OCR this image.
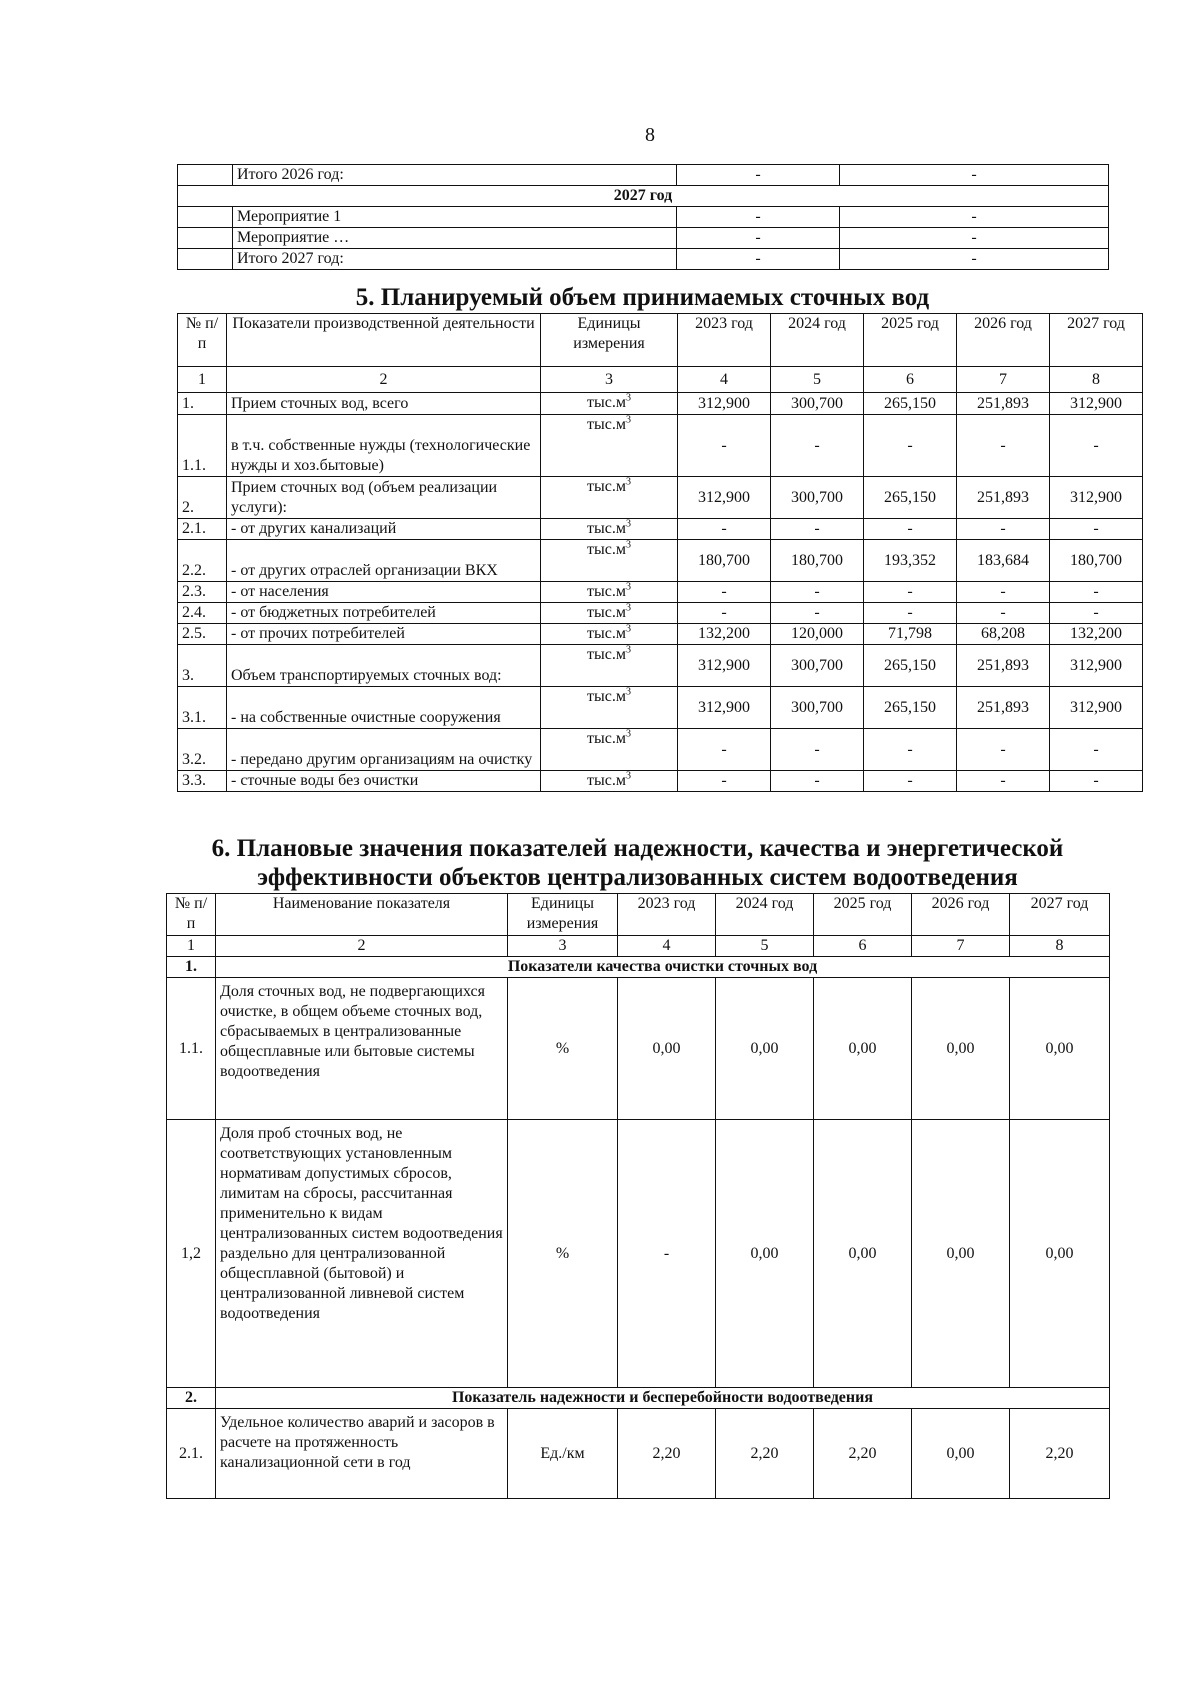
8
	Итого 2026 год:	-	-
2027 год			
	Мероприятие 1	-	-
	Мероприятие …	-	-
	Итого 2027 год:	-	-
5. Планируемый объем принимаемых сточных вод
№ п/п	Показатели производственной деятельности	Единицы измерения	2023 год	2024 год	2025 год	2026 год	2027 год
1	2	3	4	5	6	7	8
1.	Прием сточных вод, всего	$тыс.м^3$	312,900	300,700	265,150	251,893	312,900
1.1.	в т.ч. собственные нужды (технологические нужды и хоз.бытовые)	$тыс.м^3$	-	-	-	-	-
2.	Прием сточных вод (объем реализации услуги):	$тыс.м^3$	312,900	300,700	265,150	251,893	312,900
2.1.	- от других канализаций	$тыс.м^3$	-	-	-	-	-
2.2.	- от других отраслей организации ВКХ	$тыс.м^3$	180,700	180,700	193,352	183,684	180,700
2.3.	- от населения	$тыс.м^3$	-	-	-	-	-
2.4.	- от бюджетных потребителей	$тыс.м^3$	-	-	-	-	-
2.5.	- от прочих потребителей	$тыс.м^3$	132,200	120,000	71,798	68,208	132,200
3.	Объем транспортируемых сточных вод:	$тыс.м^3$	312,900	300,700	265,150	251,893	312,900
3.1.	- на собственные очистные сооружения	$тыс.м^3$	312,900	300,700	265,150	251,893	312,900
3.2.	- передано другим организациям на очистку	$тыс.м^3$	-	-	-	-	-
3.3.	- сточные воды без очистки	$тыс.м^3$	-	-	-	-	-
6. Плановые значения показателей надежности, качества и энергетической
эффективности объектов централизованных систем водоотведения
№ п/п	Наименование показателя	Единицы измерения	2023 год	2024 год	2025 год	2026 год	2027 год
1	2	3	4	5	6	7	8
1.	Показатели качества очистки сточных вод						
1.1.	Доля сточных вод, не подвергающихся очистке, в общем объеме сточных вод, сбрасываемых в централизованные общесплавные или бытовые системы водоотведения	%	0,00	0,00	0,00	0,00	0,00
1,2	Доля проб сточных вод, не соответствующих установленным нормативам допустимых сбросов, лимитам на сбросы, рассчитанная применительно к видам централизованных систем водоотведения раздельно для централизованной общесплавной (бытовой) и централизованной ливневой систем водоотведения	%	-	0,00	0,00	0,00	0,00
2.	Показатель надежности и бесперебойности водоотведения						
2.1.	Удельное количество аварий и засоров в расчете на протяженность канализационной сети в год	Ед./км	2,20	2,20	2,20	0,00	2,20
